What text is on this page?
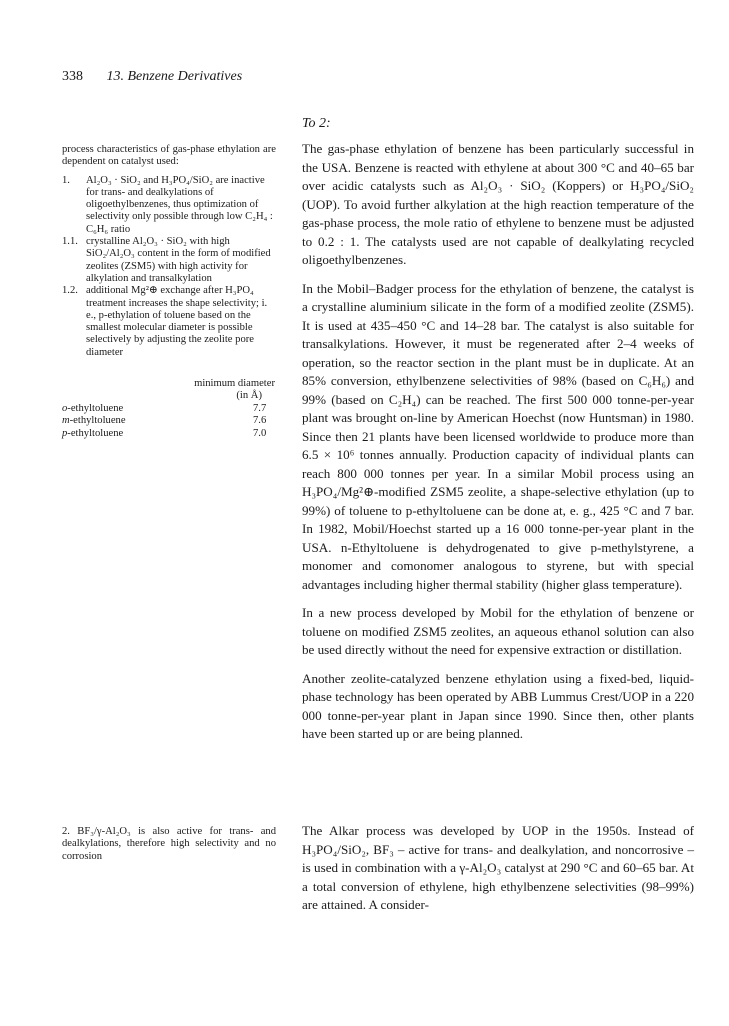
338 13. Benzene Derivatives
To 2:

process characteristics of gas-phase ethylation are dependent on catalyst used:

1. Al₂O₃ · SiO₂ and H₃PO₄/SiO₂ are inactive for trans- and dealkylations of oligoethylbenzenes, thus optimization of selectivity only possible through low C₂H₄ : C₆H₆ ratio
1.1. crystalline Al₂O₃ · SiO₂ with high SiO₂/Al₂O₃ content in the form of modified zeolites (ZSM5) with high activity for alkylation and transalkylation
1.2. additional Mg²⊕ exchange after H₃PO₄ treatment increases the shape selectivity; i. e., p-ethylation of toluene based on the smallest molecular diameter is possible selectively by adjusting the zeolite pore diameter
minimum diameter
(in Å)
o-ethyltoluene	7.7
m-ethyltoluene	7.6
p-ethyltoluene	7.0

2. BF₃/γ-Al₂O₃ is also active for trans- and dealkylations, therefore high selectivity and no corrosion

The gas-phase ethylation of benzene has been particularly successful in the USA. Benzene is reacted with ethylene at about 300 °C and 40–65 bar over acidic catalysts such as Al₂O₃ · SiO₂ (Koppers) or H₃PO₄/SiO₂ (UOP). To avoid further alkylation at the high reaction temperature of the gas-phase process, the mole ratio of ethylene to benzene must be adjusted to 0.2 : 1. The catalysts used are not capable of dealkylating recycled oligoethylbenzenes.

In the Mobil–Badger process for the ethylation of benzene, the catalyst is a crystalline aluminium silicate in the form of a modified zeolite (ZSM5). It is used at 435–450 °C and 14–28 bar. The catalyst is also suitable for transalkylations. However, it must be regenerated after 2–4 weeks of operation, so the reactor section in the plant must be in duplicate. At an 85% conversion, ethylbenzene selectivities of 98% (based on C₆H₆) and 99% (based on C₂H₄) can be reached. The first 500 000 tonne-per-year plant was brought on-line by American Hoechst (now Huntsman) in 1980. Since then 21 plants have been licensed worldwide to produce more than 6.5 × 10⁶ tonnes annually. Production capacity of individual plants can reach 800 000 tonnes per year. In a similar Mobil process using an H₃PO₄/Mg²⊕-modified ZSM5 zeolite, a shape-selective ethylation (up to 99%) of toluene to p-ethyltoluene can be done at, e. g., 425 °C and 7 bar. In 1982, Mobil/Hoechst started up a 16 000 tonne-per-year plant in the USA. n-Ethyltoluene is dehydrogenated to give p-methylstyrene, a monomer and comonomer analogous to styrene, but with special advantages including higher thermal stability (higher glass temperature).

In a new process developed by Mobil for the ethylation of benzene or toluene on modified ZSM5 zeolites, an aqueous ethanol solution can also be used directly without the need for expensive extraction or distillation.

Another zeolite-catalyzed benzene ethylation using a fixed-bed, liquid-phase technology has been operated by ABB Lummus Crest/UOP in a 220 000 tonne-per-year plant in Japan since 1990. Since then, other plants have been started up or are being planned.

The Alkar process was developed by UOP in the 1950s. Instead of H₃PO₄/SiO₂, BF₃ – active for trans- and dealkylation, and noncorrosive – is used in combination with a γ-Al₂O₃ catalyst at 290 °C and 60–65 bar. At a total conversion of ethylene, high ethylbenzene selectivities (98–99%) are attained. A consider-
